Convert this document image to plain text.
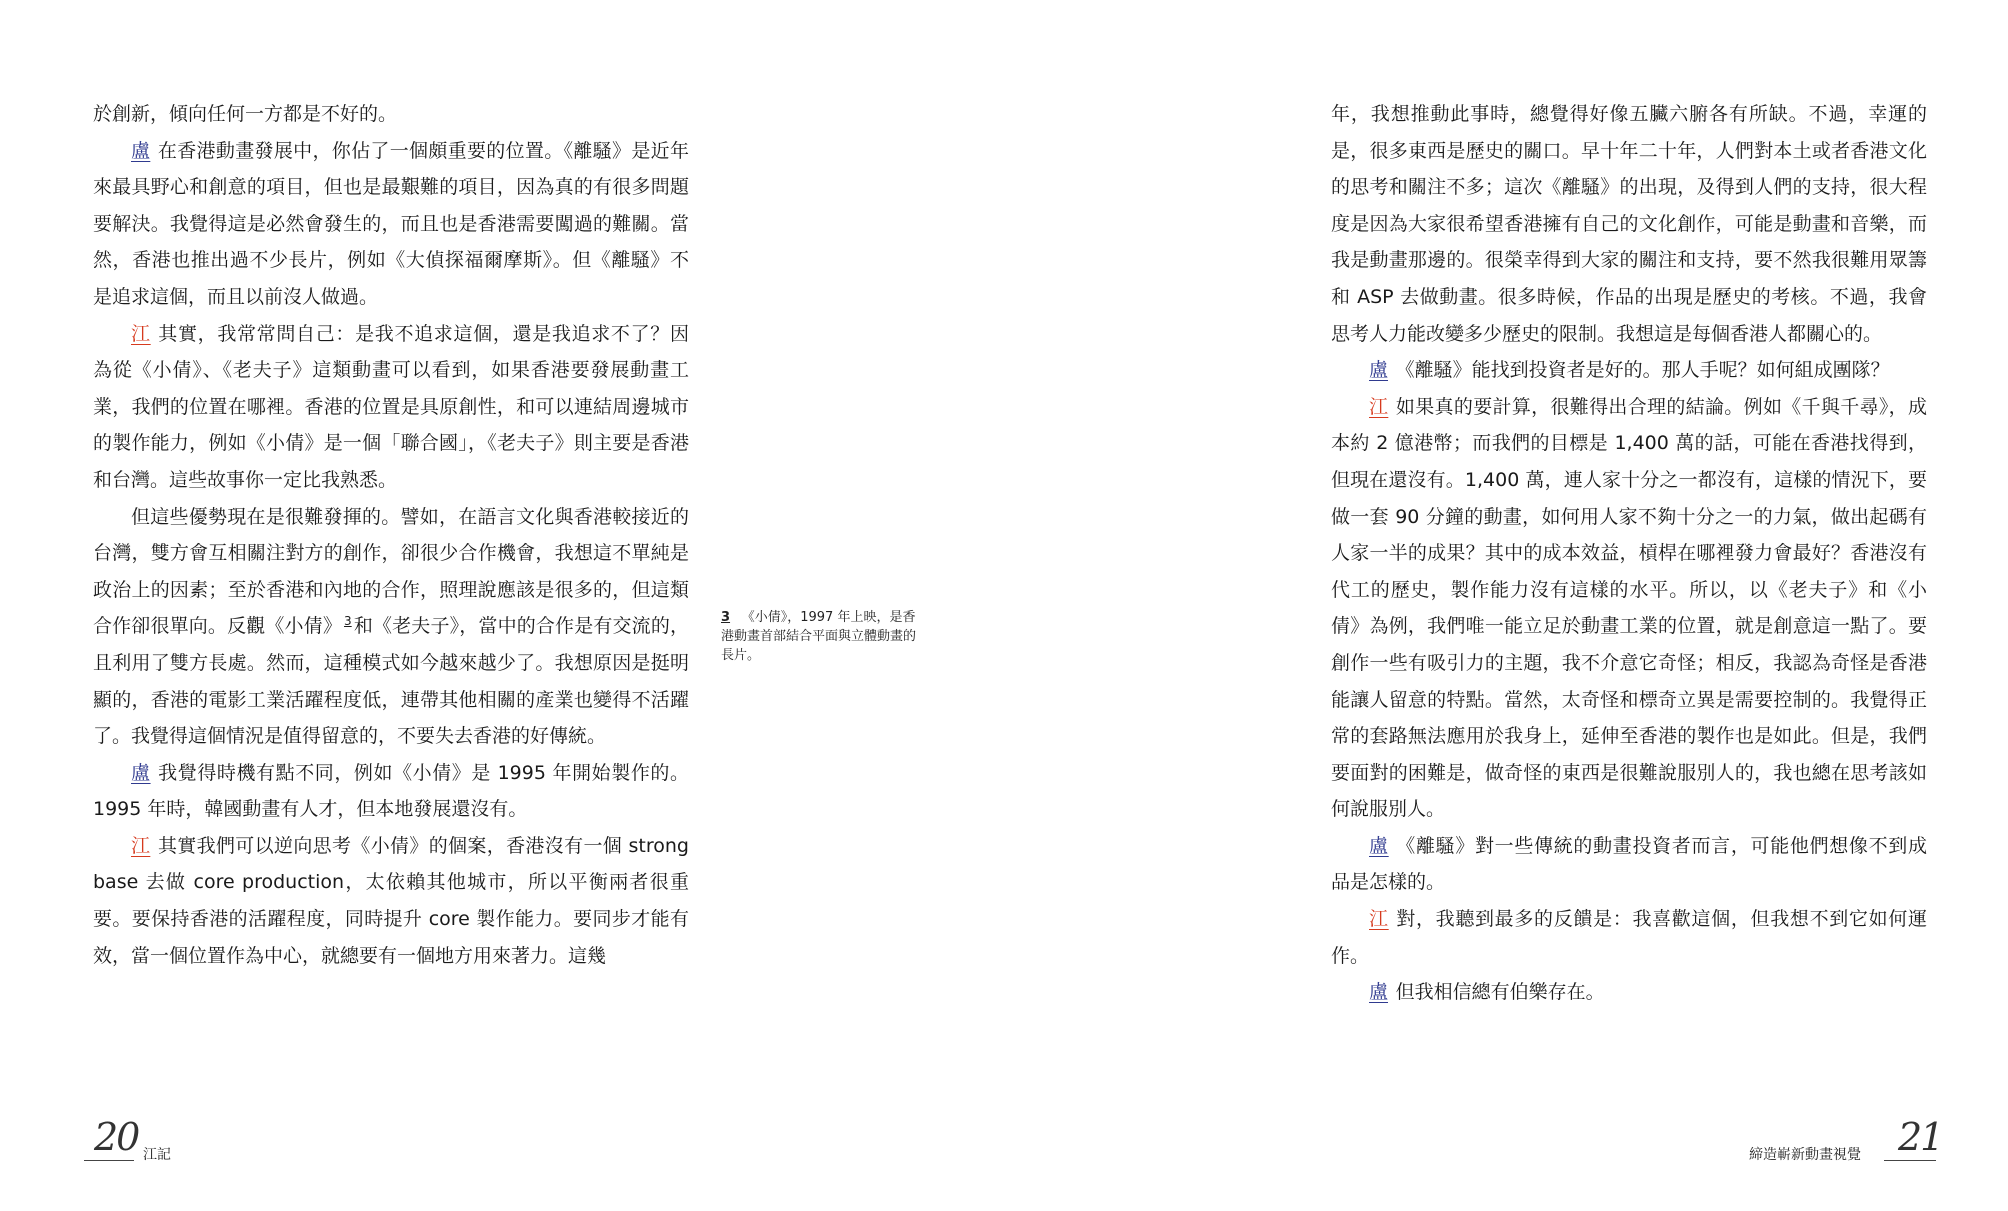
於創新，傾向任何一方都是不好的。

盧 在香港動畫發展中，你佔了一個頗重要的位置。《離騷》是近年來最具野心和創意的項目，但也是最艱難的項目，因為真的有很多問題要解決。我覺得這是必然會發生的，而且也是香港需要闖過的難關。當然，香港也推出過不少長片，例如《大偵探福爾摩斯》。但《離騷》不是追求這個，而且以前沒人做過。

江 其實，我常常問自己：是我不追求這個，還是我追求不了？因為從《小倩》、《老夫子》這類動畫可以看到，如果香港要發展動畫工業，我們的位置在哪裡。香港的位置是具原創性，和可以連結周邊城市的製作能力，例如《小倩》是一個「聯合國」，《老夫子》則主要是香港和台灣。這些故事你一定比我熟悉。

但這些優勢現在是很難發揮的。譬如，在語言文化與香港較接近的台灣，雙方會互相關注對方的創作，卻很少合作機會，我想這不單純是政治上的因素；至於香港和內地的合作，照理說應該是很多的，但這類合作卻很單向。反觀《小倩》 $^3$ 和《老夫子》，當中的合作是有交流的，且利用了雙方長處。然而，這種模式如今越來越少了。我想原因是挺明顯的，香港的電影工業活躍程度低，連帶其他相關的產業也變得不活躍了。我覺得這個情況是值得留意的，不要失去香港的好傳統。

盧 我覺得時機有點不同，例如《小倩》是 1995 年開始製作的。1995 年時，韓國動畫有人才，但本地發展還沒有。

江 其實我們可以逆向思考《小倩》的個案，香港沒有一個 strong base 去做 core production，太依賴其他城市，所以平衡兩者很重要。要保持香港的活躍程度，同時提升 core 製作能力。要同步才能有效，當一個位置作為中心，就總要有一個地方用來著力。這幾

3 《小倩》，1997 年上映，是香港動畫首部結合平面與立體動畫的長片。

年，我想推動此事時，總覺得好像五臟六腑各有所缺。不過，幸運的是，很多東西是歷史的關口。早十年二十年，人們對本土或者香港文化的思考和關注不多；這次《離騷》的出現，及得到人們的支持，很大程度是因為大家很希望香港擁有自己的文化創作，可能是動畫和音樂，而我是動畫那邊的。很榮幸得到大家的關注和支持，要不然我很難用眾籌和 ASP 去做動畫。很多時候，作品的出現是歷史的考核。不過，我會思考人力能改變多少歷史的限制。我想這是每個香港人都關心的。

盧 《離騷》能找到投資者是好的。那人手呢？如何組成團隊？

江 如果真的要計算，很難得出合理的結論。例如《千與千尋》，成本約 2 億港幣；而我們的目標是 1,400 萬的話，可能在香港找得到，但現在還沒有。1,400 萬，連人家十分之一都沒有，這樣的情況下，要做一套 90 分鐘的動畫，如何用人家不夠十分之一的力氣，做出起碼有人家一半的成果？其中的成本效益，槓桿在哪裡發力會最好？香港沒有代工的歷史，製作能力沒有這樣的水平。所以，以《老夫子》和《小倩》為例，我們唯一能立足於動畫工業的位置，就是創意這一點了。要創作一些有吸引力的主題，我不介意它奇怪；相反，我認為奇怪是香港能讓人留意的特點。當然，太奇怪和標奇立異是需要控制的。我覺得正常的套路無法應用於我身上，延伸至香港的製作也是如此。但是，我們要面對的困難是，做奇怪的東西是很難說服別人的，我也總在思考該如何說服別人。

盧 《離騷》對一些傳統的動畫投資者而言，可能他們想像不到成品是怎樣的。

江 對，我聽到最多的反饋是：我喜歡這個，但我想不到它如何運作。

盧 但我相信總有伯樂存在。

20 江記	締造嶄新動畫視覺 21
